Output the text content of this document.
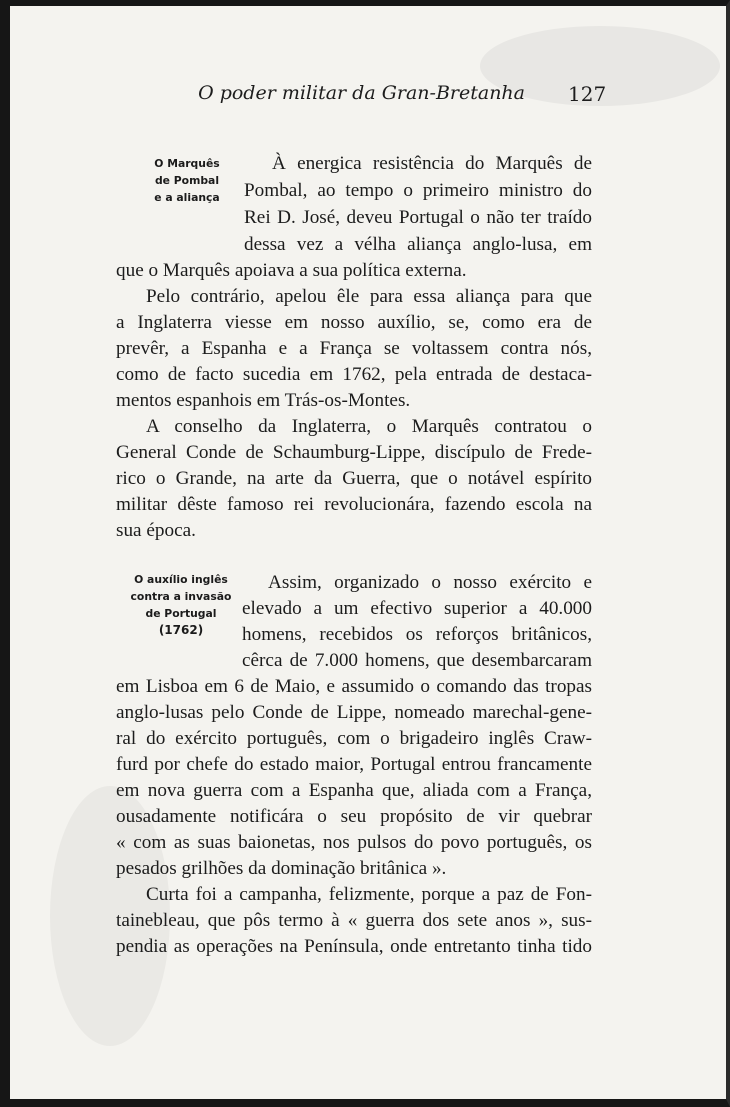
O poder militar da Gran-Bretanha 127
O Marquês
de Pombal
e a aliança
O auxílio inglês
contra a invasão
de Portugal
(1762)
À energica resistência do Marquês de
Pombal, ao tempo o primeiro ministro do
Rei D. José, deveu Portugal o não ter traído
dessa vez a vélha aliança anglo-lusa, em
que o Marquês apoiava a sua política externa.
Pelo contrário, apelou êle para essa aliança para que
a Inglaterra viesse em nosso auxílio, se, como era de
prevêr, a Espanha e a França se voltassem contra nós,
como de facto sucedia em 1762, pela entrada de destaca-
mentos espanhois em Trás-os-Montes.
A conselho da Inglaterra, o Marquês contratou o
General Conde de Schaumburg-Lippe, discípulo de Frede-
rico o Grande, na arte da Guerra, que o notável espírito
militar dêste famoso rei revolucionára, fazendo escola na
sua época.
Assim, organizado o nosso exército e
elevado a um efectivo superior a 40.000
homens, recebidos os reforços britânicos,
cêrca de 7.000 homens, que desembarcaram
em Lisboa em 6 de Maio, e assumido o comando das tropas
anglo-lusas pelo Conde de Lippe, nomeado marechal-gene-
ral do exército português, com o brigadeiro inglês Craw-
furd por chefe do estado maior, Portugal entrou francamente
em nova guerra com a Espanha que, aliada com a França,
ousadamente notificára o seu propósito de vir quebrar
« com as suas baionetas, nos pulsos do povo português, os
pesados grilhões da dominação britânica ».
Curta foi a campanha, felizmente, porque a paz de Fon-
tainebleau, que pôs termo à « guerra dos sete anos », sus-
pendia as operações na Península, onde entretanto tinha tido
